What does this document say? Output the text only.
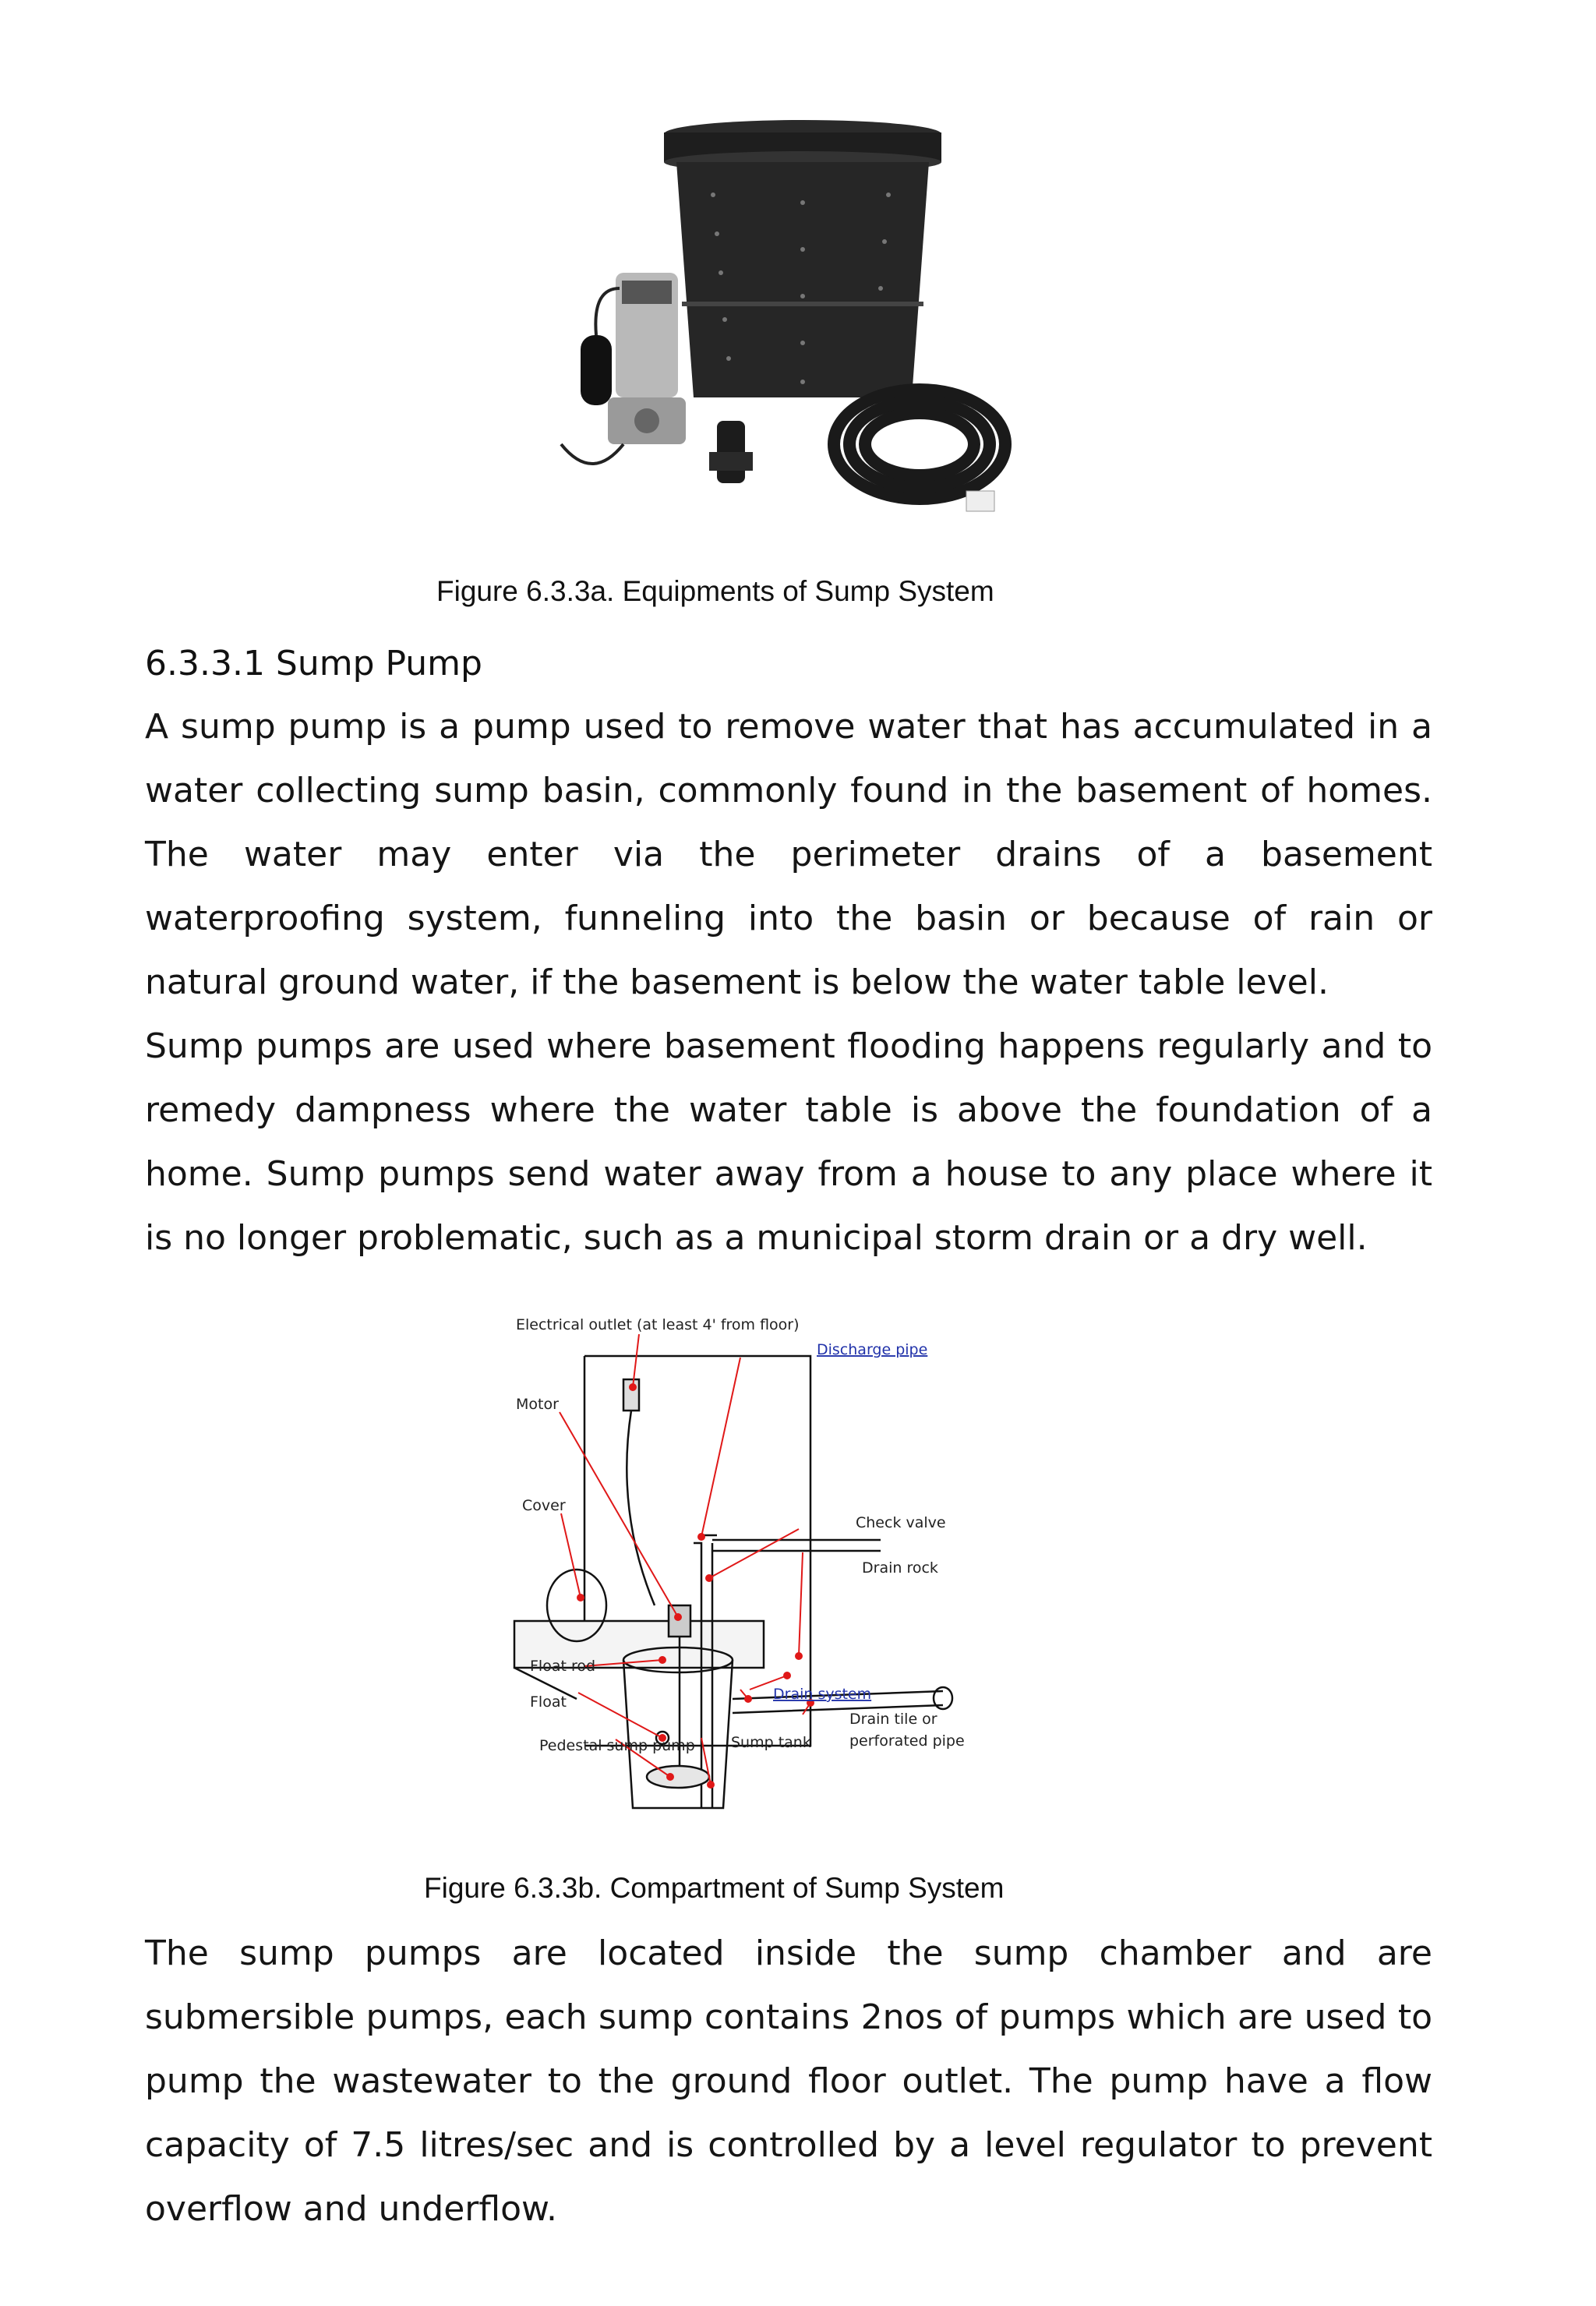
Figure 6.3.3a. Equipments of Sump System
6.3.3.1 Sump Pump

A sump pump is a pump used to remove water that has accumulated in a water collecting sump basin, commonly found in the basement of homes. The water may enter via the perimeter drains of a basement waterproofing system, funneling into the basin or because of rain or natural ground water, if the basement is below the water table level.

Sump pumps are used where basement flooding happens regularly and to remedy dampness where the water table is above the foundation of a home. Sump pumps send water away from a house to any place where it is no longer problematic, such as a municipal storm drain or a dry well.

Electrical outlet (at least 4' from floor)
Discharge pipe
Motor
Cover
Check valve
Drain rock
Float rod
Float	Drain system
Drain tile or
perforated pipe
Pedestal sump pump Sump tank
Figure 6.3.3b. Compartment of Sump System

The sump pumps are located inside the sump chamber and are submersible pumps, each sump contains 2nos of pumps which are used to pump the wastewater to the ground floor outlet. The pump have a flow capacity of 7.5 litres/sec and is controlled by a level regulator to prevent overflow and underflow.
